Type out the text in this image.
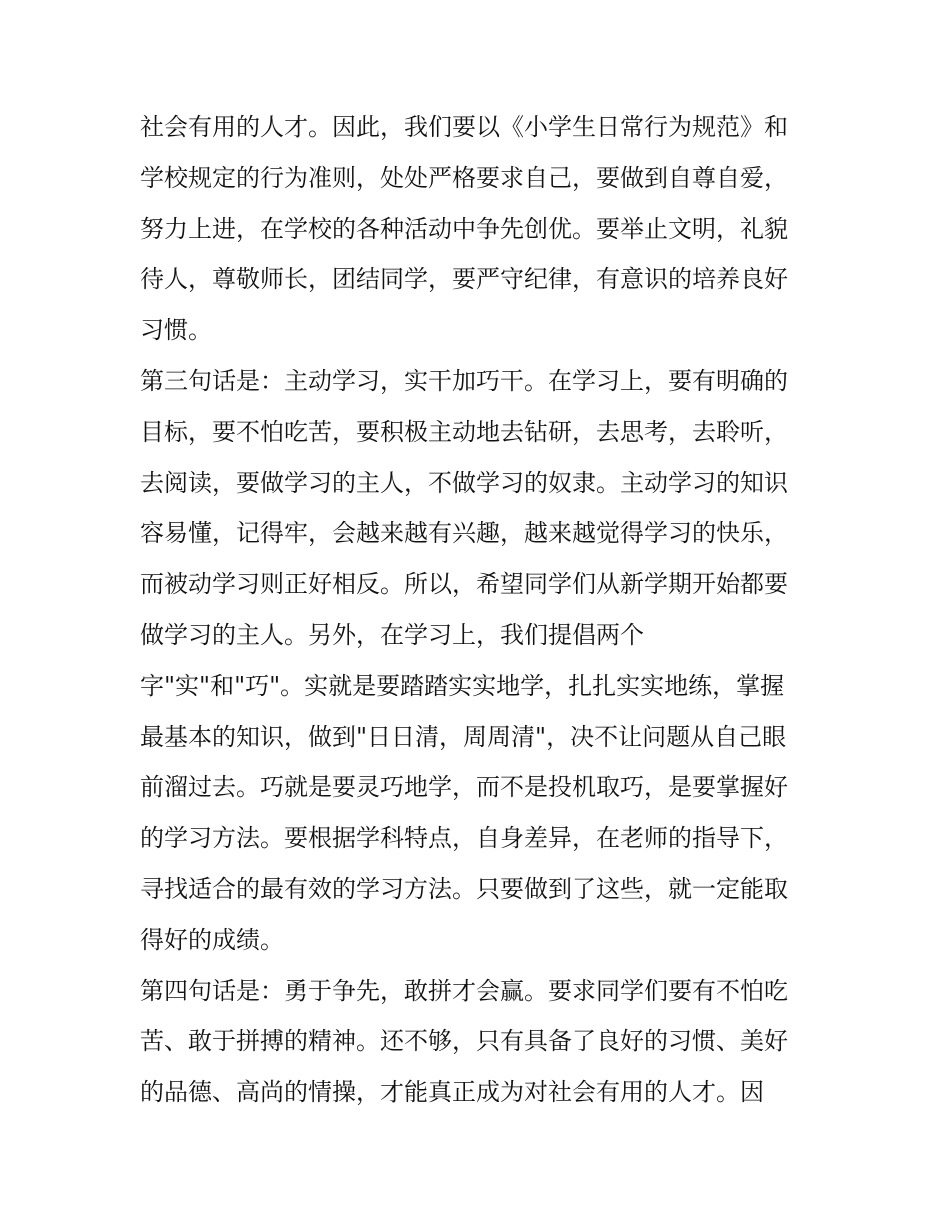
社会有用的人才。因此，我们要以《小学生日常行为规范》和
学校规定的行为准则，处处严格要求自己，要做到自尊自爱，
努力上进，在学校的各种活动中争先创优。要举止文明，礼貌
待人，尊敬师长，团结同学，要严守纪律，有意识的培养良好
习惯。
第三句话是：主动学习，实干加巧干。在学习上，要有明确的
目标，要不怕吃苦，要积极主动地去钻研，去思考，去聆听，
去阅读，要做学习的主人，不做学习的奴隶。主动学习的知识
容易懂，记得牢，会越来越有兴趣，越来越觉得学习的快乐，
而被动学习则正好相反。所以，希望同学们从新学期开始都要
做学习的主人。另外，在学习上，我们提倡两个
字"实"和"巧"。实就是要踏踏实实地学，扎扎实实地练，掌握
最基本的知识，做到"日日清，周周清"，决不让问题从自己眼
前溜过去。巧就是要灵巧地学，而不是投机取巧，是要掌握好
的学习方法。要根据学科特点，自身差异，在老师的指导下，
寻找适合的最有效的学习方法。只要做到了这些，就一定能取
得好的成绩。
第四句话是：勇于争先，敢拼才会赢。要求同学们要有不怕吃
苦、敢于拼搏的精神。还不够，只有具备了良好的习惯、美好
的品德、高尚的情操，才能真正成为对社会有用的人才。因
